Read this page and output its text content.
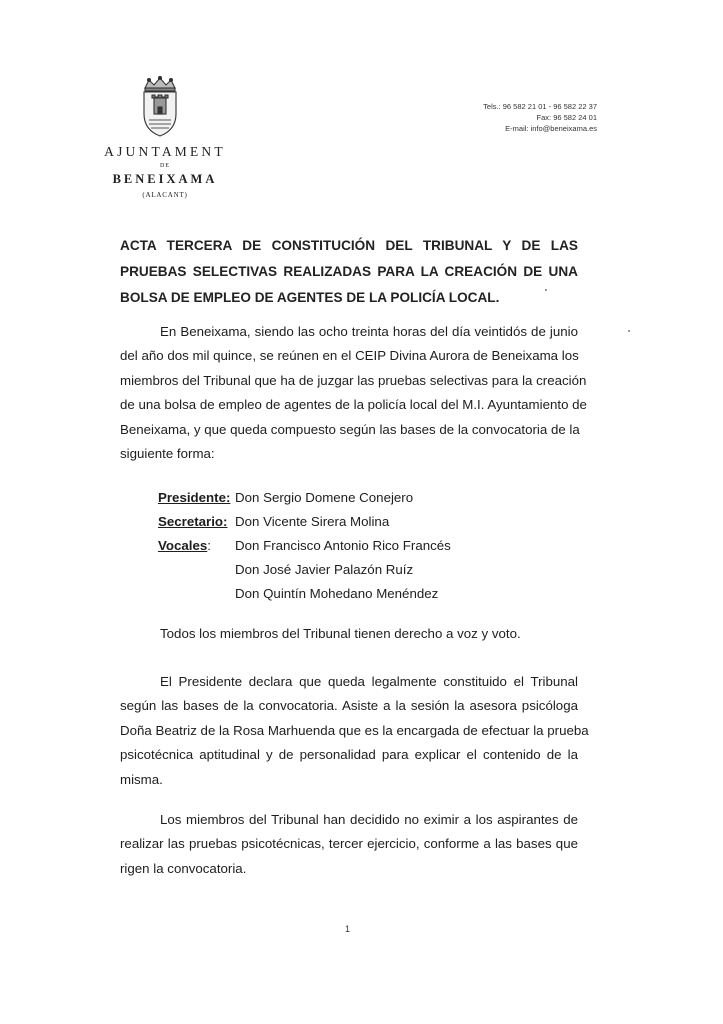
AJUNTAMENT
DE
BENEIXAMA
(ALACANT)
Tels.: 96 582 21 01 - 96 582 22 37
Fax: 96 582 24 01
E-mail: info@beneixama.es
ACTA TERCERA DE CONSTITUCIÓN DEL TRIBUNAL Y DE LAS
PRUEBAS SELECTIVAS REALIZADAS PARA LA CREACIÓN DE UNA
BOLSA DE EMPLEO DE AGENTES DE LA POLICÍA LOCAL.
En Beneixama, siendo las ocho treinta horas del día veintidós de junio
del año dos mil quince, se reúnen en el CEIP Divina Aurora de Beneixama los
miembros del Tribunal que ha de juzgar las pruebas selectivas para la creación
de una bolsa de empleo de agentes de la policía local del M.I. Ayuntamiento de
Beneixama, y que queda compuesto según las bases de la convocatoria de la
siguiente forma:
Presidente: Don Sergio Domene Conejero
Secretario: Don Vicente Sirera Molina
Vocales: Don Francisco Antonio Rico Francés
Don José Javier Palazón Ruíz
Don Quintín Mohedano Menéndez
Todos los miembros del Tribunal tienen derecho a voz y voto.
El Presidente declara que queda legalmente constituido el Tribunal
según las bases de la convocatoria. Asiste a la sesión la asesora psicóloga
Doña Beatriz de la Rosa Marhuenda que es la encargada de efectuar la prueba
psicotécnica aptitudinal y de personalidad para explicar el contenido de la
misma.
Los miembros del Tribunal han decidido no eximir a los aspirantes de
realizar las pruebas psicotécnicas, tercer ejercicio, conforme a las bases que
rigen la convocatoria.
1
